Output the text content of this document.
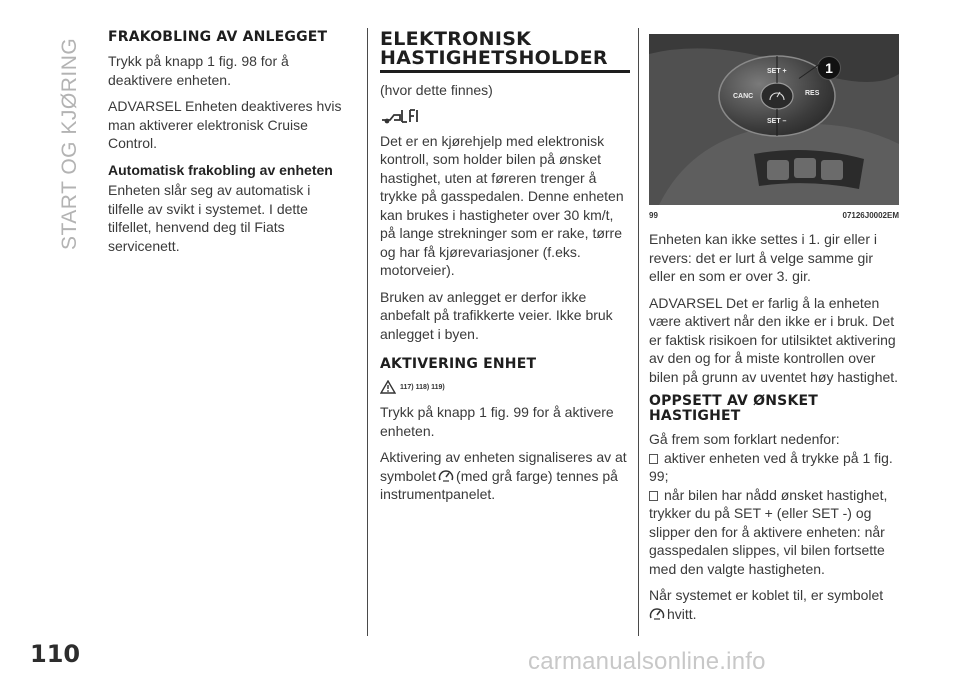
START OG KJØRING
110
FRAKOBLING AV ANLEGGET

Trykk på knapp 1 fig. 98 for å deaktivere enheten.

ADVARSEL Enheten deaktiveres hvis man aktiverer elektronisk Cruise Control.

Automatisk frakobling av enheten

Enheten slår seg av automatisk i tilfelle av svikt i systemet. I dette tilfellet, henvend deg til Fiats servicenett.

ELEKTRONISK HASTIGHETSHOLDER

(hvor dette finnes)

Det er en kjørehjelp med elektronisk kontroll, som holder bilen på ønsket hastighet, uten at føreren trenger å trykke på gasspedalen. Denne enheten kan brukes i hastigheter over 30 km/t, på lange strekninger som er rake, tørre og har få kjørevariasjoner (f.eks. motorveier).

Bruken av anlegget er derfor ikke anbefalt på trafikkerte veier. Ikke bruk anlegget i byen.

AKTIVERING ENHET
117) 118) 119)

Trykk på knapp 1 fig. 99 for å aktivere enheten.

Aktivering av enheten signaliseres av at symbolet (med grå farge) tennes på instrumentpanelet.

SET +
SET –
CANC	RES
1
99	07126J0002EM

Enheten kan ikke settes i 1. gir eller i revers: det er lurt å velge samme gir eller en som er over 3. gir.

ADVARSEL Det er farlig å la enheten være aktivert når den ikke er i bruk. Det er faktisk risikoen for utilsiktet aktivering av den og for å miste kontrollen over bilen på grunn av uventet høy hastighet.

OPPSETT AV ØNSKET HASTIGHET

Gå frem som forklart nedenfor:

aktiver enheten ved å trykke på 1 fig. 99;

når bilen har nådd ønsket hastighet, trykker du på SET + (eller SET -) og slipper den for å aktivere enheten: når gasspedalen slippes, vil bilen fortsette med den valgte hastigheten.

Når systemet er koblet til, er symbolet
hvitt.

carmanualsonline.info
